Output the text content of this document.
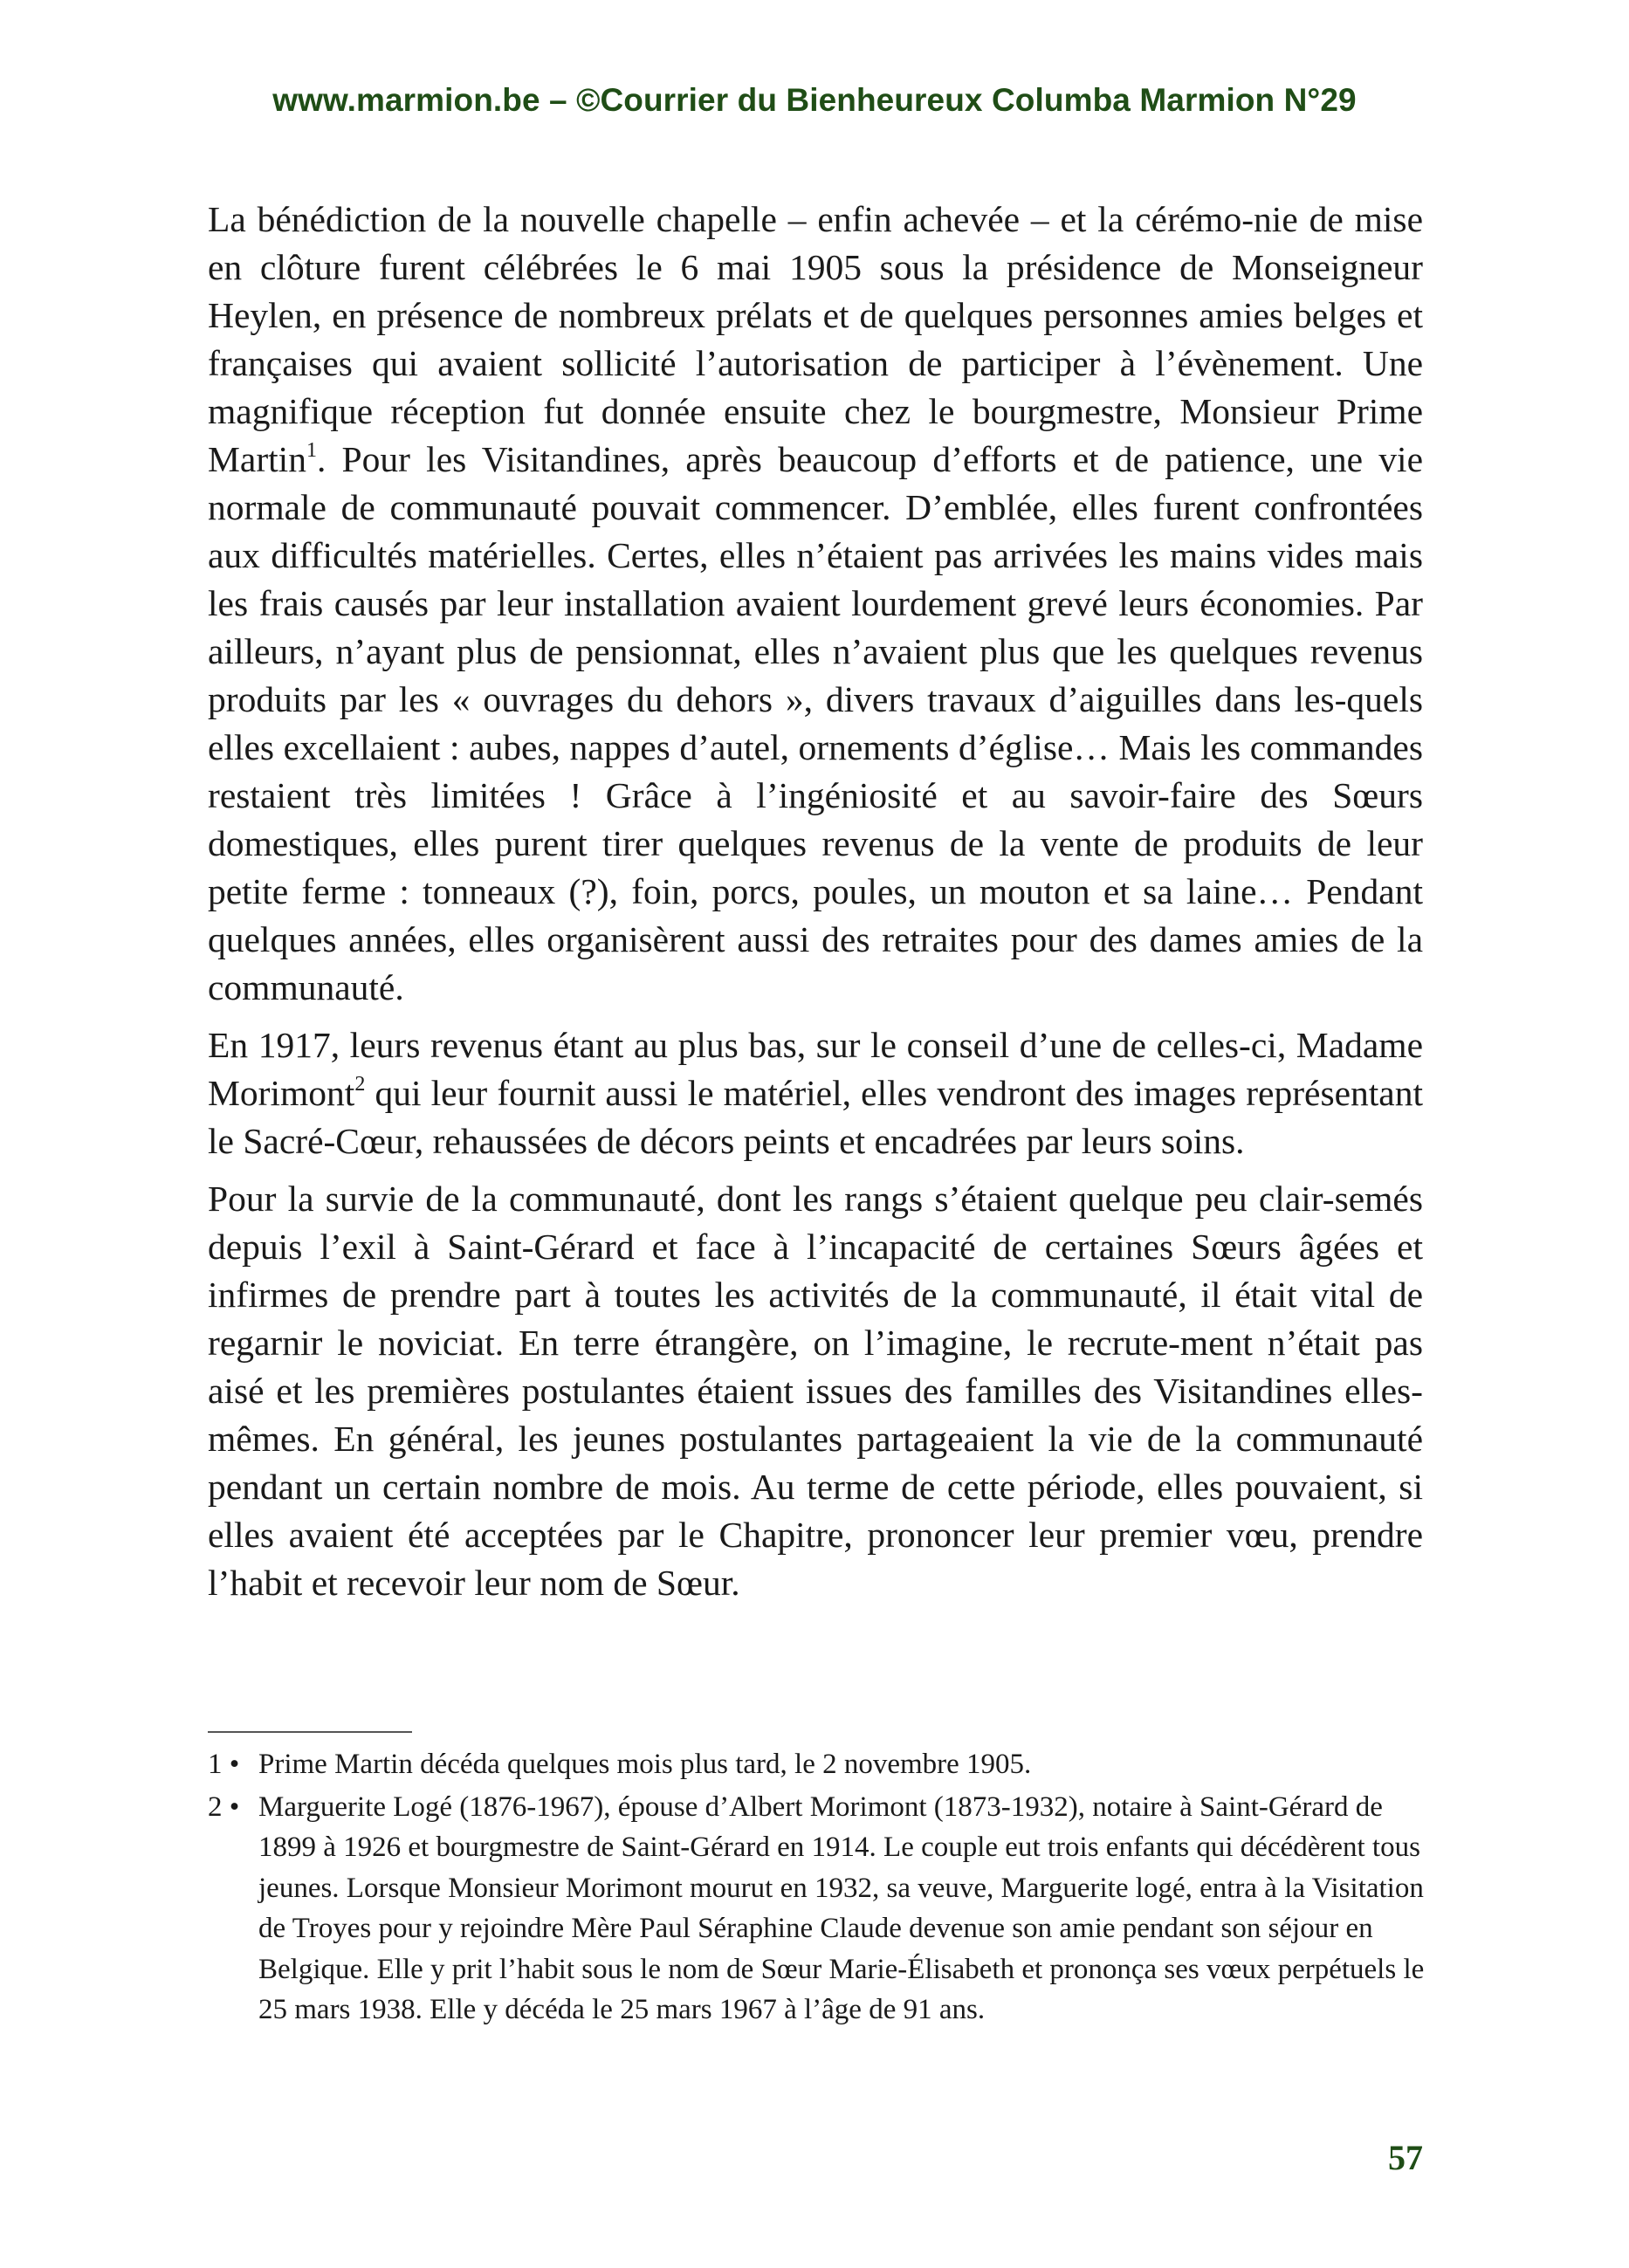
www.marmion.be – ©Courrier du Bienheureux Columba Marmion N°29

La bénédiction de la nouvelle chapelle – enfin achevée – et la cérémo-nie de mise en clôture furent célébrées le 6 mai 1905 sous la présidence de Monseigneur Heylen, en présence de nombreux prélats et de quelques personnes amies belges et françaises qui avaient sollicité l’autorisation de participer à l’évènement. Une magnifique réception fut donnée ensuite chez le bourgmestre, Monsieur Prime Martin$^1$. Pour les Visitandines, après beaucoup d’efforts et de patience, une vie normale de communauté pouvait commencer. D’emblée, elles furent confrontées aux difficultés matérielles. Certes, elles n’étaient pas arrivées les mains vides mais les frais causés par leur installation avaient lourdement grevé leurs économies. Par ailleurs, n’ayant plus de pensionnat, elles n’avaient plus que les quelques revenus produits par les « ouvrages du dehors », divers travaux d’aiguilles dans les-quels elles excellaient : aubes, nappes d’autel, ornements d’église… Mais les commandes restaient très limitées ! Grâce à l’ingéniosité et au savoir-faire des Sœurs domestiques, elles purent tirer quelques revenus de la vente de produits de leur petite ferme : tonneaux (?), foin, porcs, poules, un mouton et sa laine… Pendant quelques années, elles organisèrent aussi des retraites pour des dames amies de la communauté.

En 1917, leurs revenus étant au plus bas, sur le conseil d’une de celles-ci, Madame Morimont$^2$ qui leur fournit aussi le matériel, elles vendront des images représentant le Sacré-Cœur, rehaussées de décors peints et encadrées par leurs soins.

Pour la survie de la communauté, dont les rangs s’étaient quelque peu clair-semés depuis l’exil à Saint-Gérard et face à l’incapacité de certaines Sœurs âgées et infirmes de prendre part à toutes les activités de la communauté, il était vital de regarnir le noviciat. En terre étrangère, on l’imagine, le recrute-ment n’était pas aisé et les premières postulantes étaient issues des familles des Visitandines elles-mêmes. En général, les jeunes postulantes partageaient la vie de la communauté pendant un certain nombre de mois. Au terme de cette période, elles pouvaient, si elles avaient été acceptées par le Chapitre, prononcer leur premier vœu, prendre l’habit et recevoir leur nom de Sœur.

1 • Prime Martin décéda quelques mois plus tard, le 2 novembre 1905.
2 • Marguerite Logé (1876-1967), épouse d’Albert Morimont (1873-1932), notaire à Saint-Gérard de 1899 à 1926 et bourgmestre de Saint-Gérard en 1914. Le couple eut trois enfants qui décédèrent tous jeunes. Lorsque Monsieur Morimont mourut en 1932, sa veuve, Marguerite logé, entra à la Visitation de Troyes pour y rejoindre Mère Paul Séraphine Claude devenue son amie pendant son séjour en Belgique. Elle y prit l’habit sous le nom de Sœur Marie-Élisabeth et prononça ses vœux perpétuels le 25 mars 1938. Elle y décéda le 25 mars 1967 à l’âge de 91 ans.
57
